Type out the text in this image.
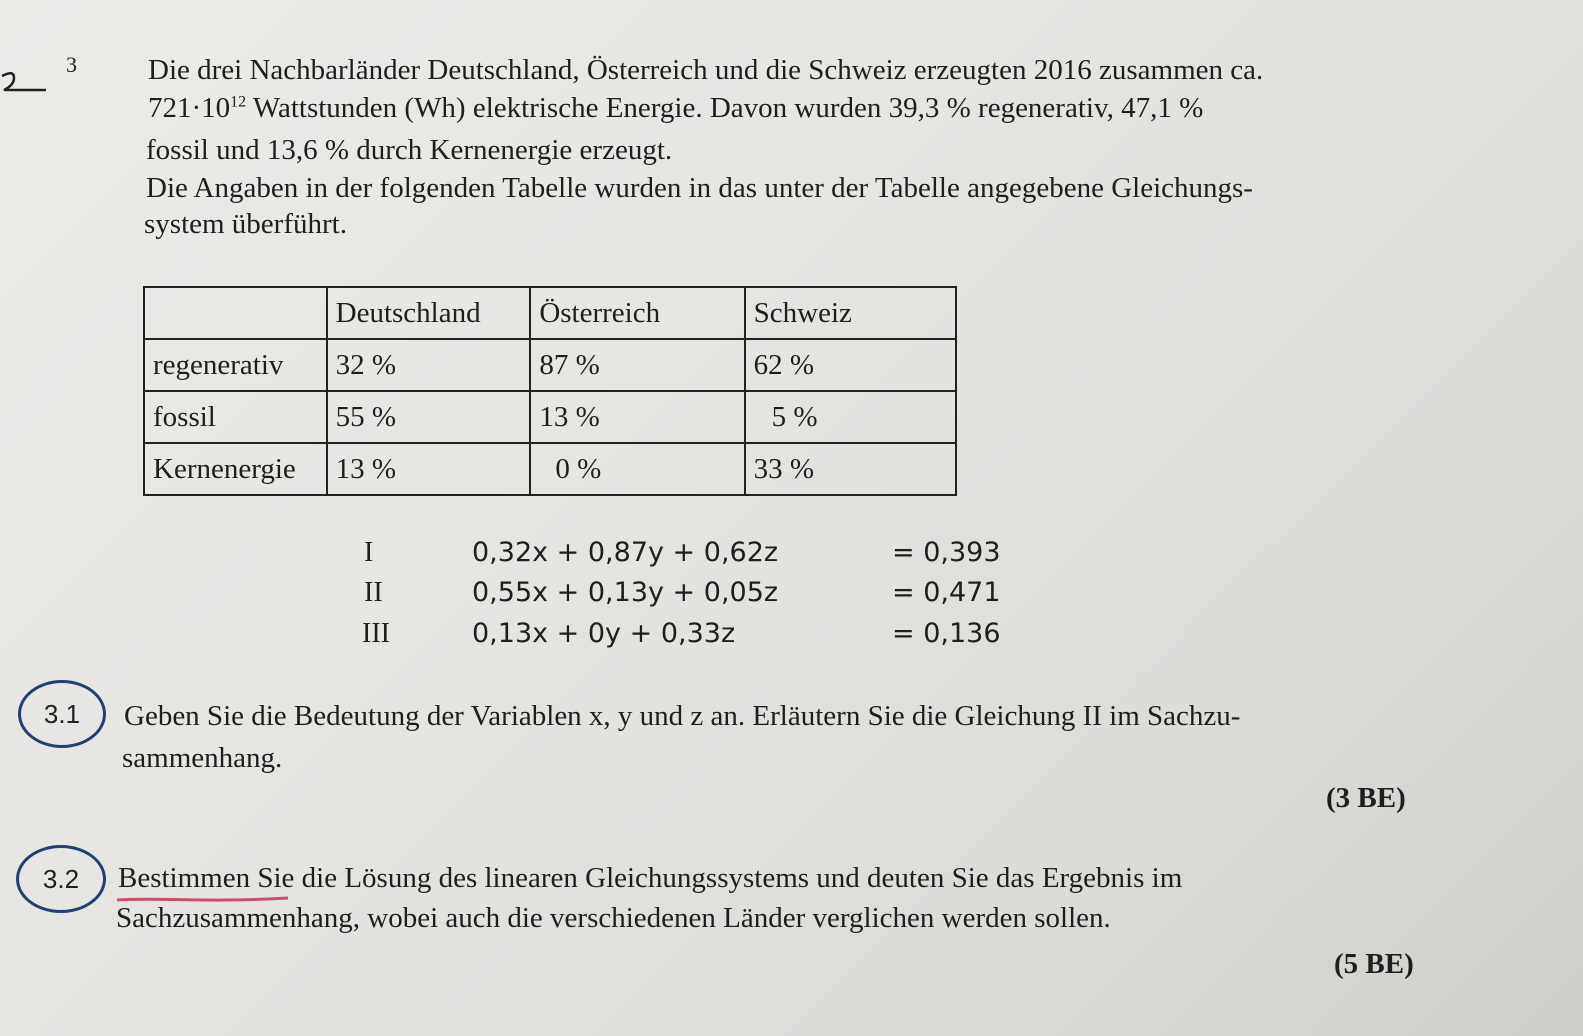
3 Die drei Nachbarländer Deutschland, Österreich und die Schweiz erzeugten 2016 zusammen ca.
$721\cdot 10^{12}$ Wattstunden (Wh) elektrische Energie. Davon wurden 39,3 % regenerativ, 47,1 %
fossil und 13,6 % durch Kernenergie erzeugt.
Die Angaben in der folgenden Tabelle wurden in das unter der Tabelle angegebene Gleichungs-
system überführt.
	Deutschland	Österreich	Schweiz
regenerativ	32 %	87 %	62 %
fossil	55 %	13 %	5 %
Kernenergie	13 %	0 %	33 %
I	0,32x + 0,87y + 0,62z	= 0,393
II	0,55x + 0,13y + 0,05z	= 0,471
III	0,13x + 0y + 0,33z	= 0,136
3.1 Geben Sie die Bedeutung der Variablen x, y und z an. Erläutern Sie die Gleichung II im Sachzu-
sammenhang.
(3 BE)
3.2 Bestimmen Sie die Lösung des linearen Gleichungssystems und deuten Sie das Ergebnis im
Sachzusammenhang, wobei auch die verschiedenen Länder verglichen werden sollen.
(5 BE)
